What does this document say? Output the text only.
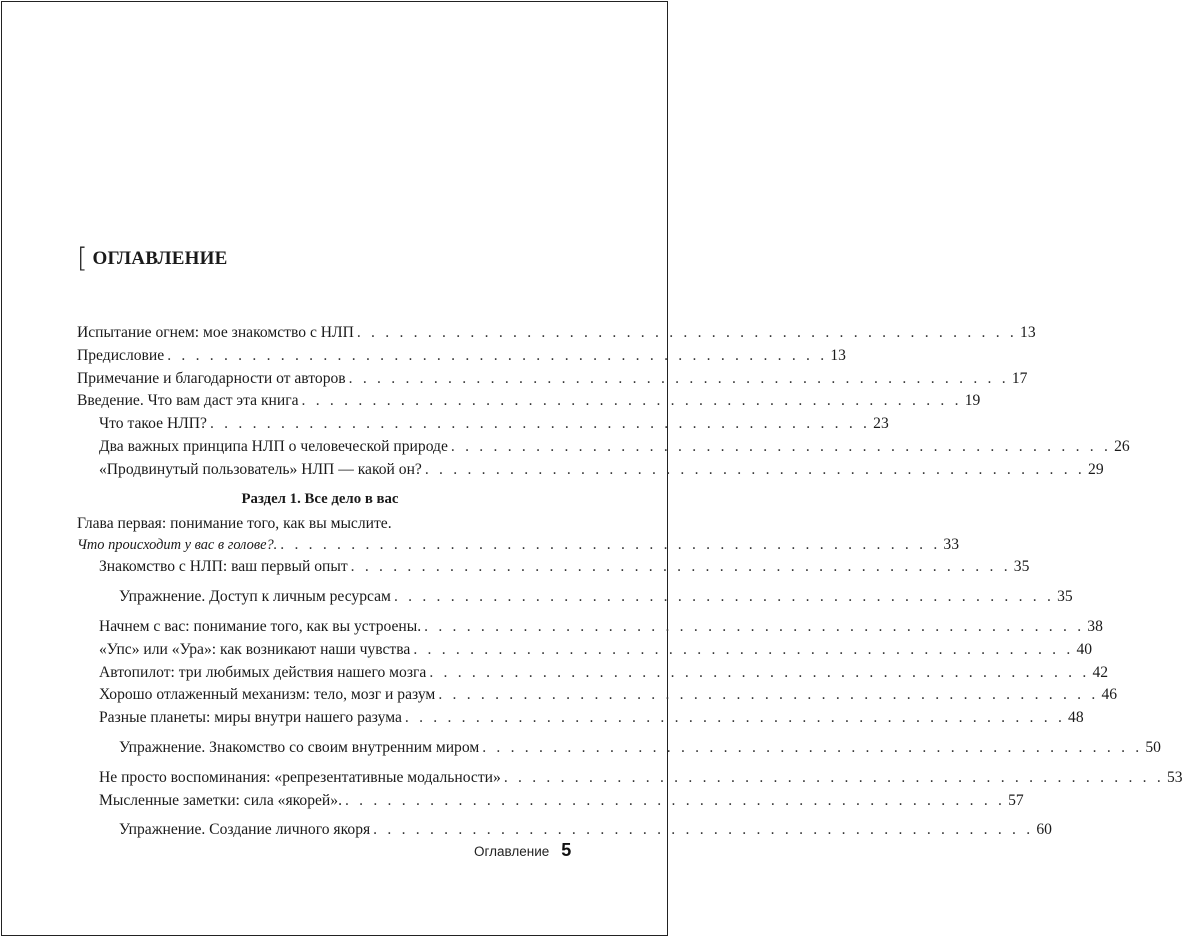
[ ОГЛАВЛЕНИЕ
Испытание огнем: мое знакомство с НЛП . . . . . . . . . . . . . . . . . . . . . . . . . . . . . . . . . . . . . . . . . . . . . . . 13
Предисловие . . . . . . . . . . . . . . . . . . . . . . . . . . . . . . . . . . . . . . . . . . . . . . . 13
Примечание и благодарности от авторов . . . . . . . . . . . . . . . . . . . . . . . . . . . . . . . . . . . . . . . . . . . . . . . 17
Введение. Что вам даст эта книга . . . . . . . . . . . . . . . . . . . . . . . . . . . . . . . . . . . . . . . . . . . . . . . 19
Что такое НЛП? . . . . . . . . . . . . . . . . . . . . . . . . . . . . . . . . . . . . . . . . . . . . . . . 23
Два важных принципа НЛП о человеческой природе . . . . . . . . . . . . . . . . . . . . . . . . . . . . . . . . . . . . . . . . . . . . . . . 26
«Продвинутый пользователь» НЛП — какой он? . . . . . . . . . . . . . . . . . . . . . . . . . . . . . . . . . . . . . . . . . . . . . . . 29
Раздел 1. Все дело в вас
Глава первая: понимание того, как вы мыслите.
Что происходит у вас в голове?. . . . . . . . . . . . . . . . . . . . . . . . . . . . . . . . . . . . . . . . . . . . . . . . 33
Знакомство с НЛП: ваш первый опыт . . . . . . . . . . . . . . . . . . . . . . . . . . . . . . . . . . . . . . . . . . . . . . . 35
Упражнение. Доступ к личным ресурсам . . . . . . . . . . . . . . . . . . . . . . . . . . . . . . . . . . . . . . . . . . . . . . . 35
Начнем с вас: понимание того, как вы устроены. . . . . . . . . . . . . . . . . . . . . . . . . . . . . . . . . . . . . . . . . . . . . . . . 38
«Упс» или «Ура»: как возникают наши чувства . . . . . . . . . . . . . . . . . . . . . . . . . . . . . . . . . . . . . . . . . . . . . . . 40
Автопилот: три любимых действия нашего мозга . . . . . . . . . . . . . . . . . . . . . . . . . . . . . . . . . . . . . . . . . . . . . . . 42
Хорошо отлаженный механизм: тело, мозг и разум . . . . . . . . . . . . . . . . . . . . . . . . . . . . . . . . . . . . . . . . . . . . . . . 46
Разные планеты: миры внутри нашего разума . . . . . . . . . . . . . . . . . . . . . . . . . . . . . . . . . . . . . . . . . . . . . . . 48
Упражнение. Знакомство со своим внутренним миром . . . . . . . . . . . . . . . . . . . . . . . . . . . . . . . . . . . . . . . . . . . . . . . 50
Не просто воспоминания: «репрезентативные модальности» . . . . . . . . . . . . . . . . . . . . . . . . . . . . . . . . . . . . . . . . . . . . . . . 53
Мысленные заметки: сила «якорей». . . . . . . . . . . . . . . . . . . . . . . . . . . . . . . . . . . . . . . . . . . . . . . . 57
Упражнение. Создание личного якоря . . . . . . . . . . . . . . . . . . . . . . . . . . . . . . . . . . . . . . . . . . . . . . . 60
Оглавление 5
